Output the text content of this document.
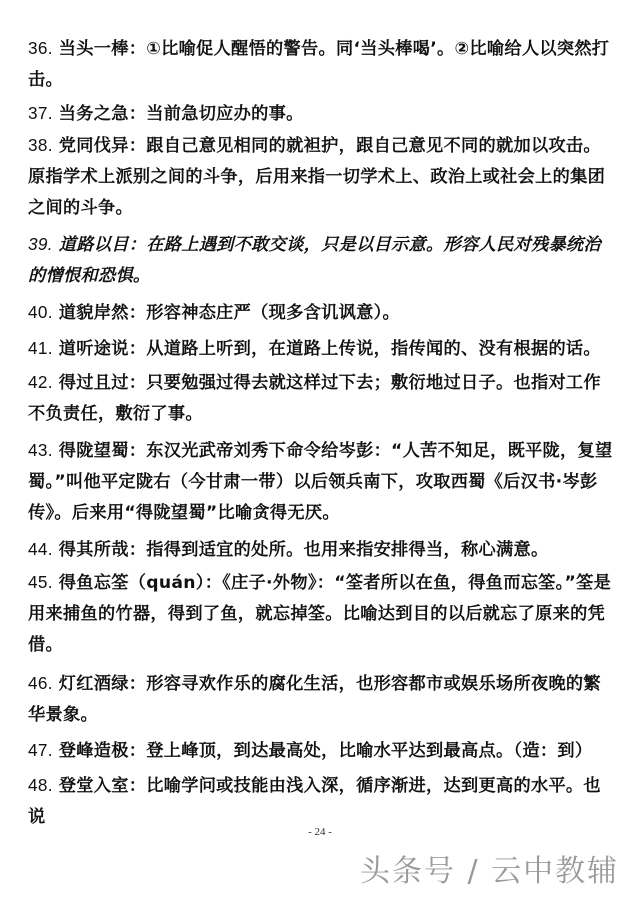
36. 当头一棒：①比喻促人醒悟的警告。同‘当头棒喝’。②比喻给人以突然打击。
37. 当务之急：当前急切应办的事。
38. 党同伐异：跟自己意见相同的就袒护，跟自己意见不同的就加以攻击。原指学术上派别之间的斗争，后用来指一切学术上、政治上或社会上的集团之间的斗争。
39. 道路以目：在路上遇到不敢交谈，只是以目示意。形容人民对残暴统治的憎恨和恐惧。
40. 道貌岸然：形容神态庄严（现多含讥讽意）。
41. 道听途说：从道路上听到，在道路上传说，指传闻的、没有根据的话。
42. 得过且过：只要勉强过得去就这样过下去；敷衍地过日子。也指对工作不负责任，敷衍了事。
43. 得陇望蜀：东汉光武帝刘秀下命令给岑彭：“人苦不知足，既平陇，复望蜀。”叫他平定陇右（今甘肃一带）以后领兵南下，攻取西蜀《后汉书·岑彭传》。后来用“得陇望蜀”比喻贪得无厌。
44. 得其所哉：指得到适宜的处所。也用来指安排得当，称心满意。
45. 得鱼忘筌（quán）：《庄子·外物》：“筌者所以在鱼，得鱼而忘筌。”筌是用来捕鱼的竹器，得到了鱼，就忘掉筌。比喻达到目的以后就忘了原来的凭借。
46. 灯红酒绿：形容寻欢作乐的腐化生活，也形容都市或娱乐场所夜晚的繁华景象。
47. 登峰造极：登上峰顶，到达最高处，比喻水平达到最高点。（造：到）
48. 登堂入室：比喻学问或技能由浅入深，循序渐进，达到更高的水平。也说
- 24 -
头条号 / 云中教辅
